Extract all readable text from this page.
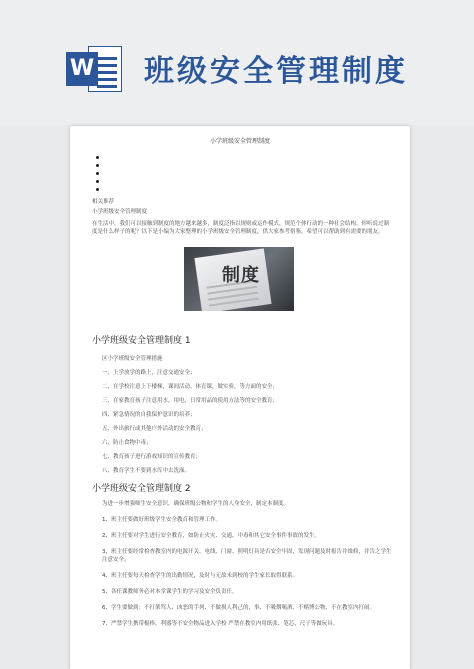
W 班级安全管理制度
小学班级安全管理制度
相关推荐
小学班级安全管理制度
在生活中，我们可以接触到制度的地方越来越多，制度泛指以规则或运作模式，规范个体行动的一种社会结构。你听说过制度是什么样子的呢？以下是小编为大家整理的小学班级安全管理制度，供大家参考借鉴，希望可以帮助到有需要的朋友。
制度
小学班级安全管理制度 1
区小学班级安全管理措施
一、上学放学的路上，注意交通安全；
二、在学校注意上下楼梯，课间活动，体育课，做实验，等方面的安全；
三、在家教育孩子注意用水，用电，日常用品的使用方法等的安全教育；
四、紧急情况的自我保护意识的培养；
五、外出旅行或其他户外活动的安全教育；
六、防止食物中毒；
七、教育孩子进行游戏知识的宣传教育；
八、教育学生不要到水库中去洗澡。
小学班级安全管理制度 2
为进一步增强师生安全意识，确保班级公物和学生的人身安全，制定本制度。
1、班主任要做好班级学生安全教育和管理工作。
2、班主任要对学生进行安全教育，如防止火灾、交通、中毒和其它安全事件事故的发生。
3、班主任要经常检查教室内的电源开关、电线、门窗、照明灯具是否安全牢固，发现问题及时报告并维修，并告之学生注意安全。
4、班主任要每天检查学生的出勤情况，及时与无故未到校的学生家长取得联系。
5、各任课教师务必对本堂课学生的学习及安全负责任。
6、学生要做到：不打架骂人、凶恶的手列、不做损人利己的，事、不吸烟喝酒、不赌博公物、不在教室内打闹。
7、严禁学生携带棍棒、利器等不安全物品进入学校 严禁在教室内用纸张、笔芯、尺子等做玩具。
